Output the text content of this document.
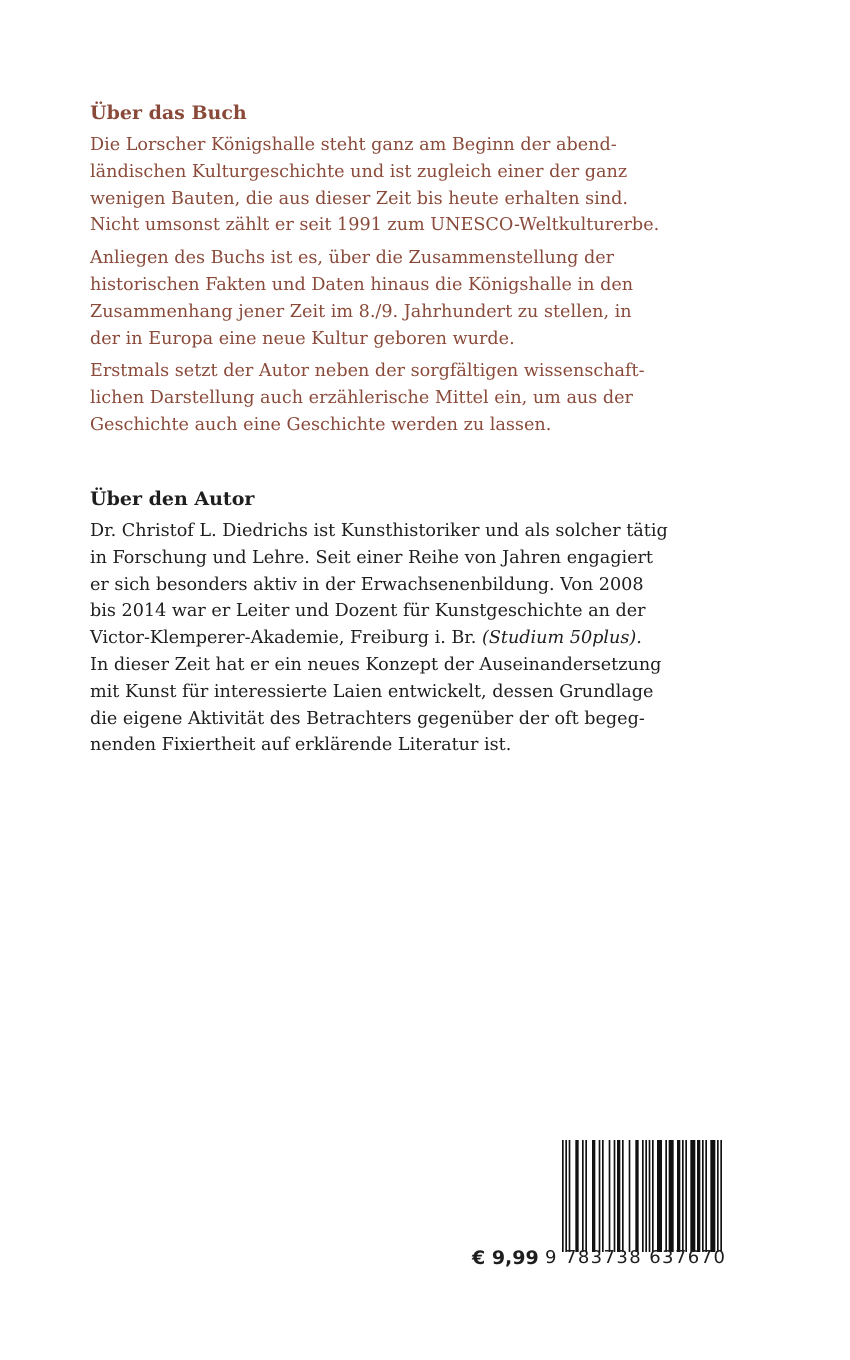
Über das Buch
Die Lorscher Königshalle steht ganz am Beginn der abend-
ländischen Kulturgeschichte und ist zugleich einer der ganz
wenigen Bauten, die aus dieser Zeit bis heute erhalten sind.
Nicht umsonst zählt er seit 1991 zum UNESCO-Weltkulturerbe.
Anliegen des Buchs ist es, über die Zusammenstellung der
historischen Fakten und Daten hinaus die Königshalle in den
Zusammenhang jener Zeit im 8./9. Jahrhundert zu stellen, in
der in Europa eine neue Kultur geboren wurde.
Erstmals setzt der Autor neben der sorgfältigen wissenschaft-
lichen Darstellung auch erzählerische Mittel ein, um aus der
Geschichte auch eine Geschichte werden zu lassen.
Über den Autor
Dr. Christof L. Diedrichs ist Kunsthistoriker und als solcher tätig
in Forschung und Lehre. Seit einer Reihe von Jahren engagiert
er sich besonders aktiv in der Erwachsenenbildung. Von 2008
bis 2014 war er Leiter und Dozent für Kunstgeschichte an der
Victor-Klemperer-Akademie, Freiburg i. Br. (Studium 50plus).
In dieser Zeit hat er ein neues Konzept der Auseinandersetzung
mit Kunst für interessierte Laien entwickelt, dessen Grundlage
die eigene Aktivität des Betrachters gegenüber der oft begeg-
nenden Fixiertheit auf erklärende Literatur ist.
€ 9,99 9 783738 637670
